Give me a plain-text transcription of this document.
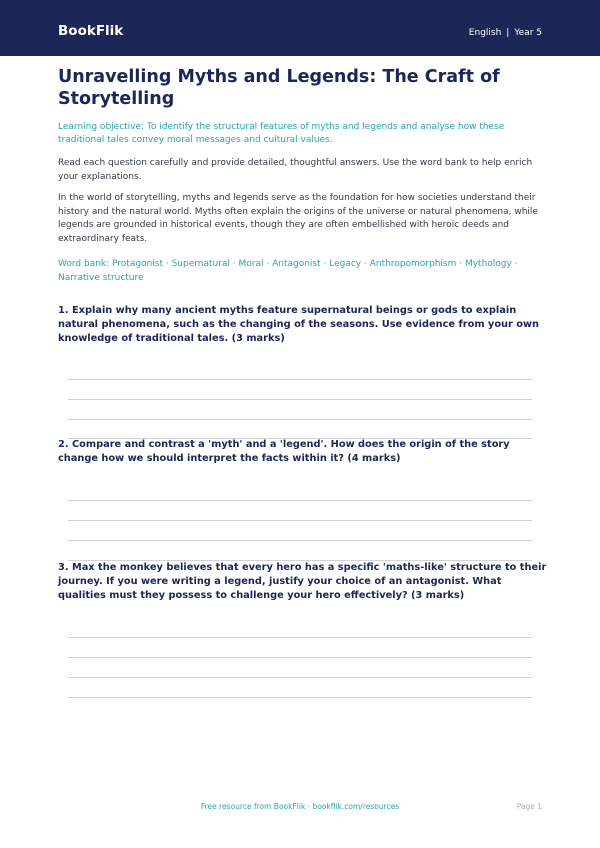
BookFlik	English | Year 5
Unravelling Myths and Legends: The Craft of Storytelling

Learning objective: To identify the structural features of myths and legends and analyse how these traditional tales convey moral messages and cultural values.

Read each question carefully and provide detailed, thoughtful answers. Use the word bank to help enrich your explanations.

In the world of storytelling, myths and legends serve as the foundation for how societies understand their history and the natural world. Myths often explain the origins of the universe or natural phenomena, while legends are grounded in historical events, though they are often embellished with heroic deeds and extraordinary feats.

Word bank: Protagonist · Supernatural · Moral · Antagonist · Legacy · Anthropomorphism · Mythology · Narrative structure

1. Explain why many ancient myths feature supernatural beings or gods to explain natural phenomena, such as the changing of the seasons. Use evidence from your own knowledge of traditional tales. (3 marks)

2. Compare and contrast a 'myth' and a 'legend'. How does the origin of the story change how we should interpret the facts within it? (4 marks)

3. Max the monkey believes that every hero has a specific 'maths-like' structure to their journey. If you were writing a legend, justify your choice of an antagonist. What qualities must they possess to challenge your hero effectively? (3 marks)

Free resource from BookFlik · bookflik.com/resources	Page 1
